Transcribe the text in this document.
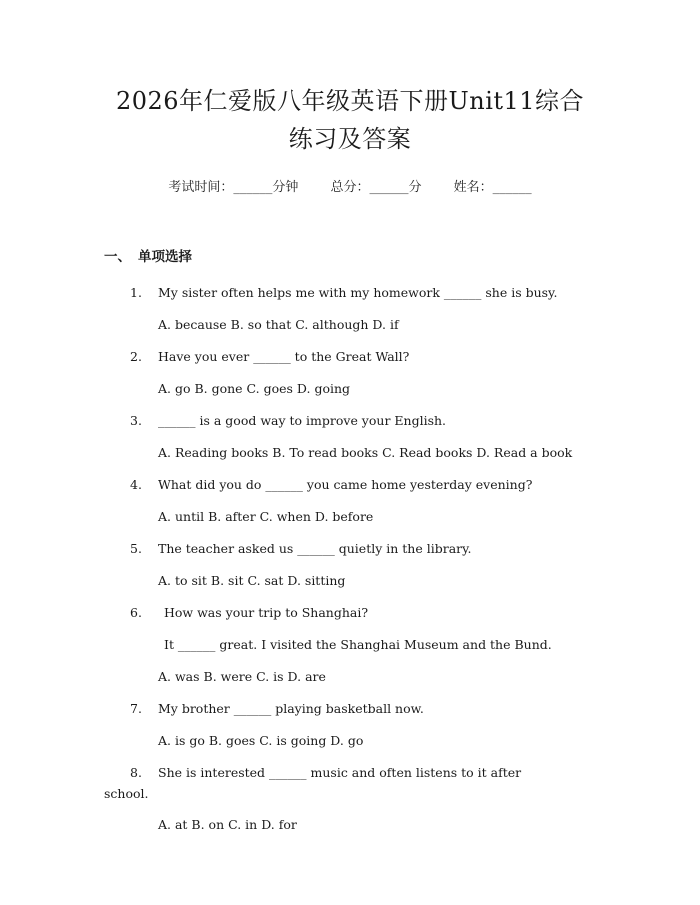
2026年仁爱版八年级英语下册Unit11综合
练习及答案
考试时间：______分钟 总分：______分 姓名：______
一、 单项选择
1.	My sister often helps me with my homework ______ she is busy.
A. because B. so that C. although D. if
2.	Have you ever ______ to the Great Wall?
A. go B. gone C. goes D. going
3.	______ is a good way to improve your English.
A. Reading books B. To read books C. Read books D. Read a book
4.	What did you do ______ you came home yesterday evening?
A. until B. after C. when D. before
5.	The teacher asked us ______ quietly in the library.
A. to sit B. sit C. sat D. sitting
6.	How was your trip to Shanghai?
It ______ great. I visited the Shanghai Museum and the Bund.
A. was B. were C. is D. are
7.	My brother ______ playing basketball now.
A. is go B. goes C. is going D. go
8.	She is interested ______ music and often listens to it after
school.
A. at B. on C. in D. for
